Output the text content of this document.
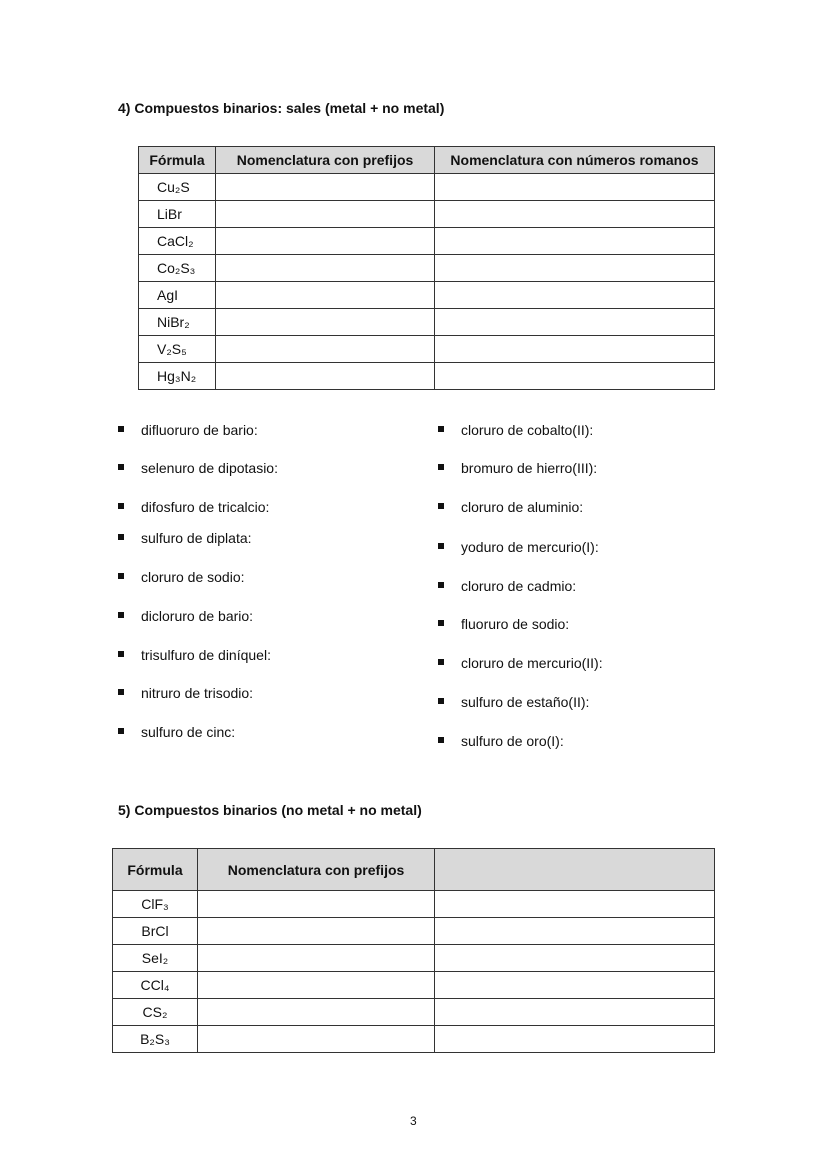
4) Compuestos binarios: sales (metal + no metal)
Fórmula	Nomenclatura con prefijos	Nomenclatura con números romanos
Cu₂S		
LiBr		
CaCl₂		
Co₂S₃		
AgI		
NiBr₂		
V₂S₅		
Hg₃N₂		
difluoruro de bario:
selenuro de dipotasio:
difosfuro de tricalcio:
sulfuro de diplata:
cloruro de sodio:
dicloruro de bario:
trisulfuro de diníquel:
nitruro de trisodio:
sulfuro de cinc:
cloruro de cobalto(II):
bromuro de hierro(III):
cloruro de aluminio:
yoduro de mercurio(I):
cloruro de cadmio:
fluoruro de sodio:
cloruro de mercurio(II):
sulfuro de estaño(II):
sulfuro de oro(I):
5) Compuestos binarios (no metal + no metal)
Fórmula	Nomenclatura con prefijos	
ClF₃		
BrCl		
SeI₂		
CCl₄		
CS₂		
B₂S₃		
3
